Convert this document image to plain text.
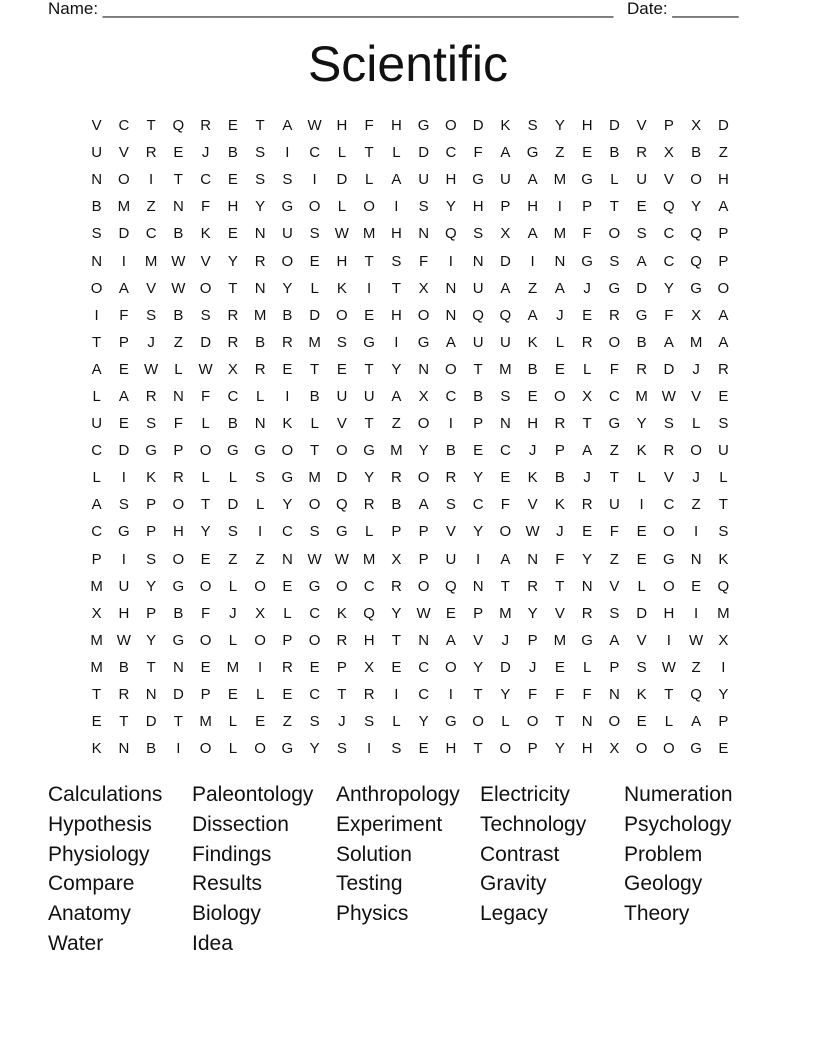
Name: ______________________________________________________ Date: _______
Scientific
V	C	T	Q	R	E	T	A	W H	F	H	G	O	D	K	S	Y	H	D	V	P	X	D
U	V	R	E	J	B	S	I	C	L	T	L	D	C	F	A	G	Z	E	B	R	X	B	Z
N	O	I	T	C	E	S	S	I	D	L	A	U	H	G	U	A	M	G	L	U	V	O	H
B	M	Z	N	F	H	Y	G	O	L	O	I	S	Y	H	P	H	I	P	T	E	Q	Y	A
S	D	C	B	K	E	N	U	S	W M	H	N	Q	S	X	A	M	F	O	S	C	Q	P
N	I	M W	V	Y	R	O	E	H	T	S	F	I	N	D	I	N	G	S	A	C	Q	P
O	A	V	W O	T	N	Y	L	K	I	T	X	N	U	A	Z	A	J	G	D	Y	G	O
I	F	S	B	S	R	M	B	D	O	E	H	O	N	Q	Q	A	J	E	R	G	F	X	A
T	P	J	Z	D	R	B	R	M	S	G	I	G	A	U	U	K	L	R	O	B	A	M	A
A	E	W	L	W	X	R	E	T	E	T	Y	N	O	T	M	B	E	L	F	R	D	J	R
L	A	R	N	F	C	L	I	B	U	U	A	X	C	B	S	E	O	X	C	M W	V	E
U	E	S	F	L	B	N	K	L	V	T	Z	O	I	P	N	H	R	T	G	Y	S	L	S
C	D	G	P	O	G	G	O	T	O	G	M	Y	B	E	C	J	P	A	Z	K	R	O	U
L	I	K	R	L	L	S	G	M	D	Y	R	O	R	Y	E	K	B	J	T	L	V	J	L
A	S	P	O	T	D	L	Y	O	Q	R	B	A	S	C	F	V	K	R	U	I	C	Z	T
C	G	P	H	Y	S	I	C	S	G	L	P	P	V	Y	O W	J	E	F	E	O	I	S
P	I	S	O	E	Z	Z	N W W M	X	P	U	I	A	N	F	Y	Z	E	G	N	K
M	U	Y	G	O	L	O	E	G	O	C	R	O	Q	N	T	R	T	N	V	L	O	E	Q
X	H	P	B	F	J	X	L	C	K	Q	Y	W	E	P	M	Y	V	R	S	D	H	I	M
M W	Y	G	O	L	O	P	O	R	H	T	N	A	V	J	P	M	G	A	V	I	W	X
M	B	T	N	E	M	I	R	E	P	X	E	C	O	Y	D	J	E	L	P	S	W	Z	I
T	R	N	D	P	E	L	E	C	T	R	I	C	I	T	Y	F	F	F	N	K	T	Q	Y
E	T	D	T	M	L	E	Z	S	J	S	L	Y	G	O	L	O	T	N	O	E	L	A	P
K	N	B	I	O	L	O	G	Y	S	I	S	E	H	T	O	P	Y	H	X	O	O	G	E
Calculations	Paleontology	Anthropology Electricity	Numeration
Hypothesis	Dissection	Experiment	Technology	Psychology
Physiology	Findings	Solution	Contrast	Problem
Compare	Results	Testing	Gravity	Geology
Anatomy	Biology	Physics	Legacy	Theory
Water	Idea
